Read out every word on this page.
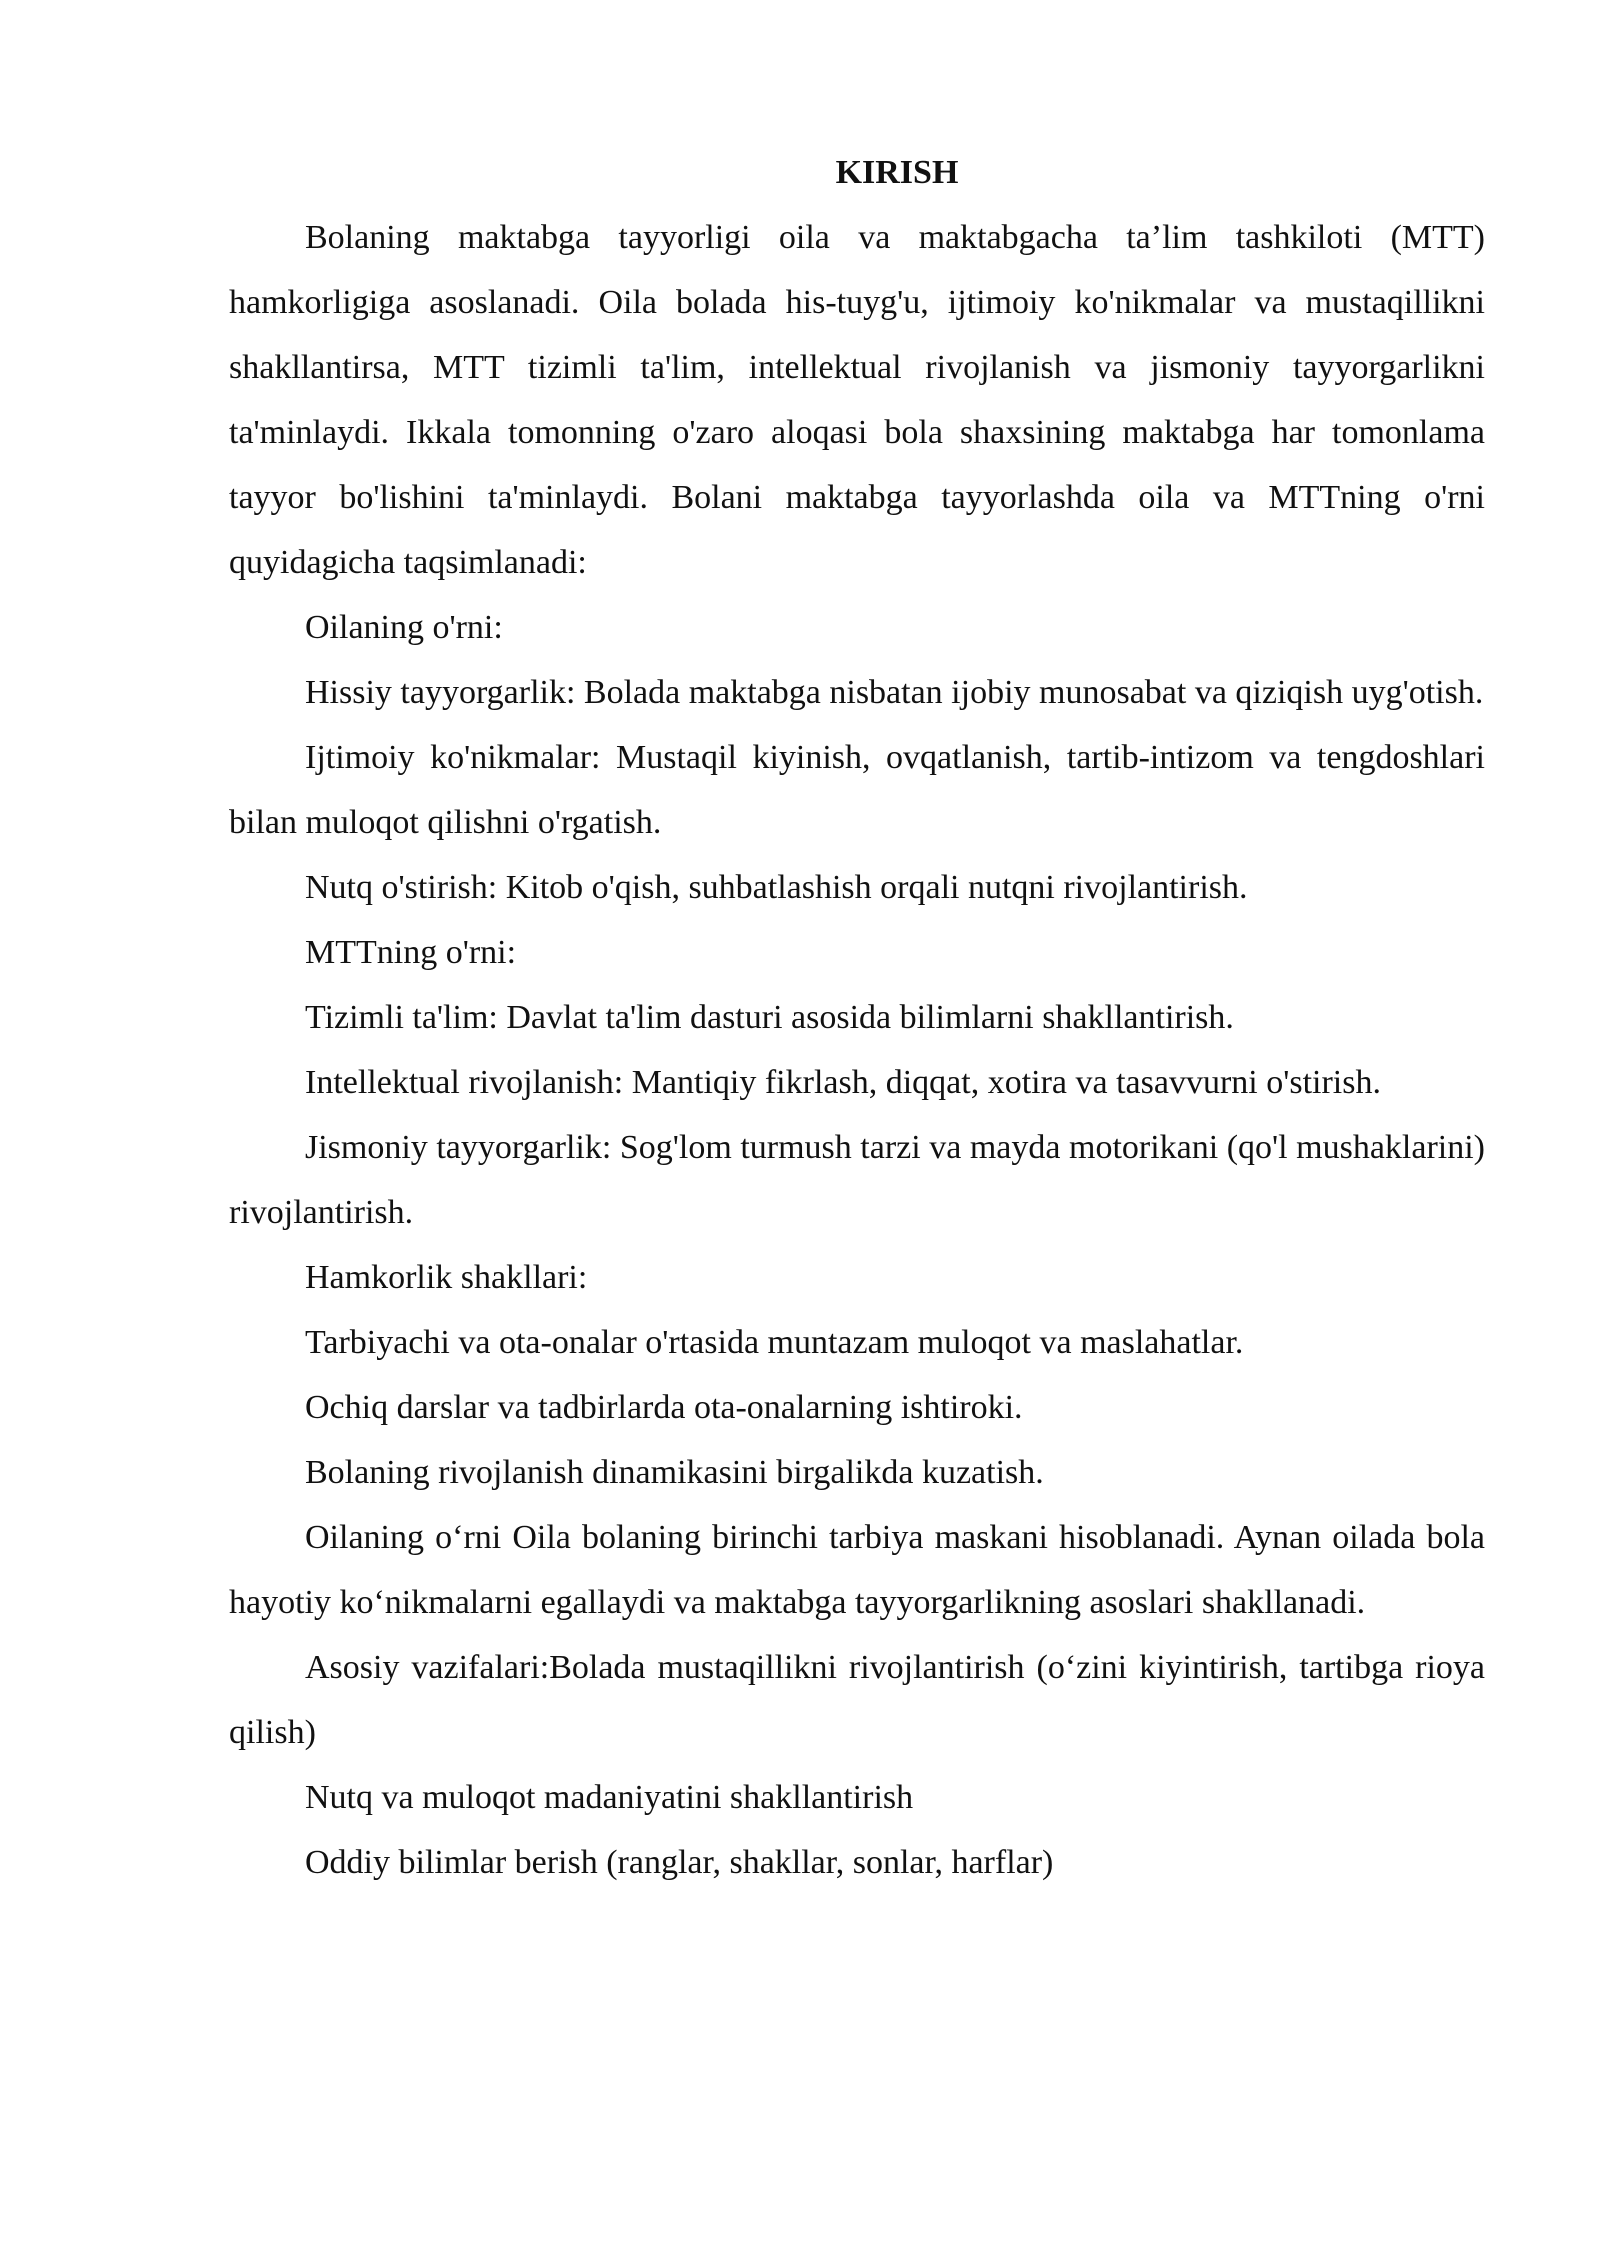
KIRISH

Bolaning maktabga tayyorligi oila va maktabgacha ta’lim tashkiloti (MTT) hamkorligiga asoslanadi. Oila bolada his-tuyg'u, ijtimoiy ko'nikmalar va mustaqillikni shakllantirsa, MTT tizimli ta'lim, intellektual rivojlanish va jismoniy tayyorgarlikni ta'minlaydi. Ikkala tomonning o'zaro aloqasi bola shaxsining maktabga har tomonlama tayyor bo'lishini ta'minlaydi. Bolani maktabga tayyorlashda oila va MTTning o'rni quyidagicha taqsimlanadi:

Oilaning o'rni:

Hissiy tayyorgarlik: Bolada maktabga nisbatan ijobiy munosabat va qiziqish uyg'otish.

Ijtimoiy ko'nikmalar: Mustaqil kiyinish, ovqatlanish, tartib-intizom va tengdoshlari bilan muloqot qilishni o'rgatish.

Nutq o'stirish: Kitob o'qish, suhbatlashish orqali nutqni rivojlantirish.

MTTning o'rni:

Tizimli ta'lim: Davlat ta'lim dasturi asosida bilimlarni shakllantirish.

Intellektual rivojlanish: Mantiqiy fikrlash, diqqat, xotira va tasavvurni o'stirish.

Jismoniy tayyorgarlik: Sog'lom turmush tarzi va mayda motorikani (qo'l mushaklarini) rivojlantirish.

Hamkorlik shakllari:

Tarbiyachi va ota-onalar o'rtasida muntazam muloqot va maslahatlar.

Ochiq darslar va tadbirlarda ota-onalarning ishtiroki.

Bolaning rivojlanish dinamikasini birgalikda kuzatish.

Oilaning o‘rni Oila bolaning birinchi tarbiya maskani hisoblanadi. Aynan oilada bola hayotiy ko‘nikmalarni egallaydi va maktabga tayyorgarlikning asoslari shakllanadi.

Asosiy vazifalari:Bolada mustaqillikni rivojlantirish (o‘zini kiyintirish, tartibga rioya qilish)

Nutq va muloqot madaniyatini shakllantirish

Oddiy bilimlar berish (ranglar, shakllar, sonlar, harflar)
